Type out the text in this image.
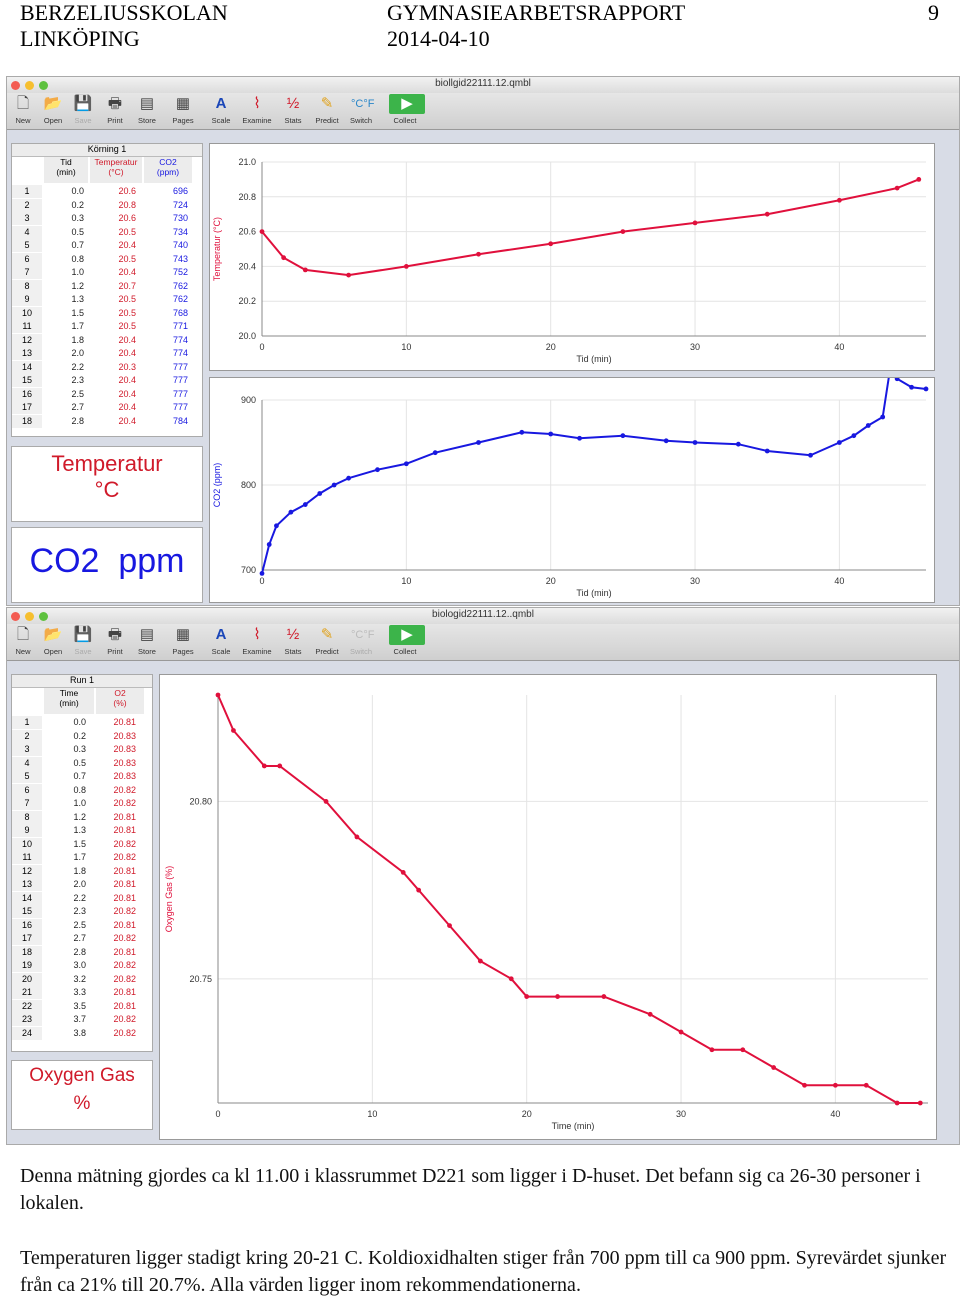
BERZELIUSSKOLAN
LINKÖPING
GYMNASIEARBETSRAPPORT
2014-04-10
9
biollgid22111.12.qmbl
🗋
New
📂
Open
💾
Save
🖶
Print
▤
Store
▦
Pages
A
Scale
⌇
Examine
½
Stats
✎
Predict
°C°F
Switch
▶
Collect
Körning 1
Tid
(min)
Temperatur
(°C)
CO2
(ppm)
1	0.0	20.6	696
2	0.2	20.8	724
3	0.3	20.6	730
4	0.5	20.5	734
5	0.7	20.4	740
6	0.8	20.5	743
7	1.0	20.4	752
8	1.2	20.7	762
9	1.3	20.5	762
10	1.5	20.5	768
11	1.7	20.5	771
12	1.8	20.4	774
13	2.0	20.4	774
14	2.2	20.3	777
15	2.3	20.4	777
16	2.5	20.4	777
17	2.7	20.4	777
18	2.8	20.4	784
Temperatur
°C
CO2  ppm
0	10	20	30	40
20.0
20.2
20.4
20.6
20.8
21.0
Tid (min)
Temperatur (°C)
0	10	20	30	40
700
800
900
Tid (min)
CO2 (ppm)
biologid22111.12..qmbl
🗋
New
📂
Open
💾
Save
🖶
Print
▤
Store
▦
Pages
A
Scale
⌇
Examine
½
Stats
✎
Predict
°C°F
Switch
▶
Collect
Run 1
Time
(min)
O2
(%)
1	0.0	20.81
2	0.2	20.83
3	0.3	20.83
4	0.5	20.83
5	0.7	20.83
6	0.8	20.82
7	1.0	20.82
8	1.2	20.81
9	1.3	20.81
10	1.5	20.82
11	1.7	20.82
12	1.8	20.81
13	2.0	20.81
14	2.2	20.81
15	2.3	20.82
16	2.5	20.81
17	2.7	20.82
18	2.8	20.81
19	3.0	20.82
20	3.2	20.82
21	3.3	20.81
22	3.5	20.81
23	3.7	20.82
24	3.8	20.82
Oxygen Gas
%	0	10	20	30	40
20.75
20.80
Time (min)
Oxygen Gas (%)
Denna mätning gjordes ca kl 11.00 i klassrummet D221 som ligger i D-huset. Det befann sig ca 26-30 personer i lokalen.
Temperaturen ligger stadigt kring 20-21 C. Koldioxidhalten stiger från 700 ppm till ca 900 ppm. Syrevärdet sjunker från ca 21% till 20.7%. Alla värden ligger inom rekommendationerna.
